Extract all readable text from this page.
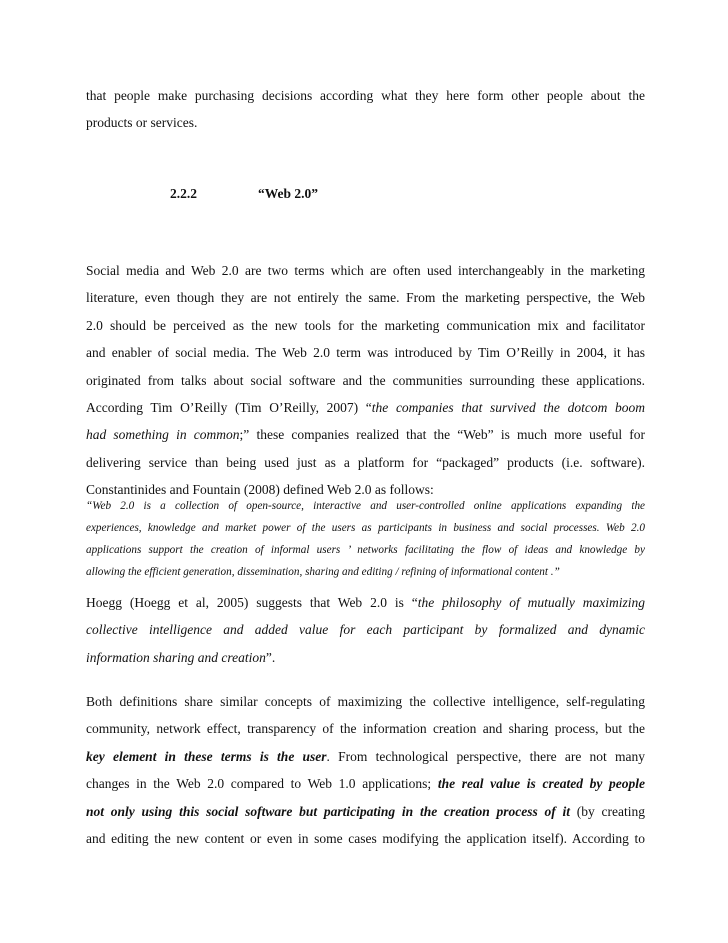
that people make purchasing decisions according what they here form other people about the
products or services.
2.2.2	“Web 2.0”
Social media and Web 2.0 are two terms which are often used interchangeably in the marketing
literature, even though they are not entirely the same. From the marketing perspective, the Web
2.0 should be perceived as the new tools for the marketing communication mix and facilitator
and enabler of social media. The Web 2.0 term was introduced by Tim O’Reilly in 2004, it has
originated from talks about social software and the communities surrounding these applications.
According Tim O’Reilly (Tim O’Reilly, 2007) “the companies that survived the dotcom boom
had something in common;” these companies realized that the “Web” is much more useful for
delivering service than being used just as a platform for “packaged” products (i.e. software).
Constantinides and Fountain (2008) defined Web 2.0 as follows:
“Web 2.0 is a collection of open-source, interactive and user-controlled online applications expanding the
experiences, knowledge and market power of the users as participants in business and social processes. Web 2.0
applications support the creation of informal users ’ networks facilitating the flow of ideas and knowledge by
allowing the efficient generation, dissemination, sharing and editing / refining of informational content .”
Hoegg (Hoegg et al, 2005) suggests that Web 2.0 is “the philosophy of mutually maximizing
collective intelligence and added value for each participant by formalized and dynamic
information sharing and creation”.
Both definitions share similar concepts of maximizing the collective intelligence, self-regulating
community, network effect, transparency of the information creation and sharing process, but the
key element in these terms is the user. From technological perspective, there are not many
changes in the Web 2.0 compared to Web 1.0 applications; the real value is created by people
not only using this social software but participating in the creation process of it (by creating
and editing the new content or even in some cases modifying the application itself). According to
